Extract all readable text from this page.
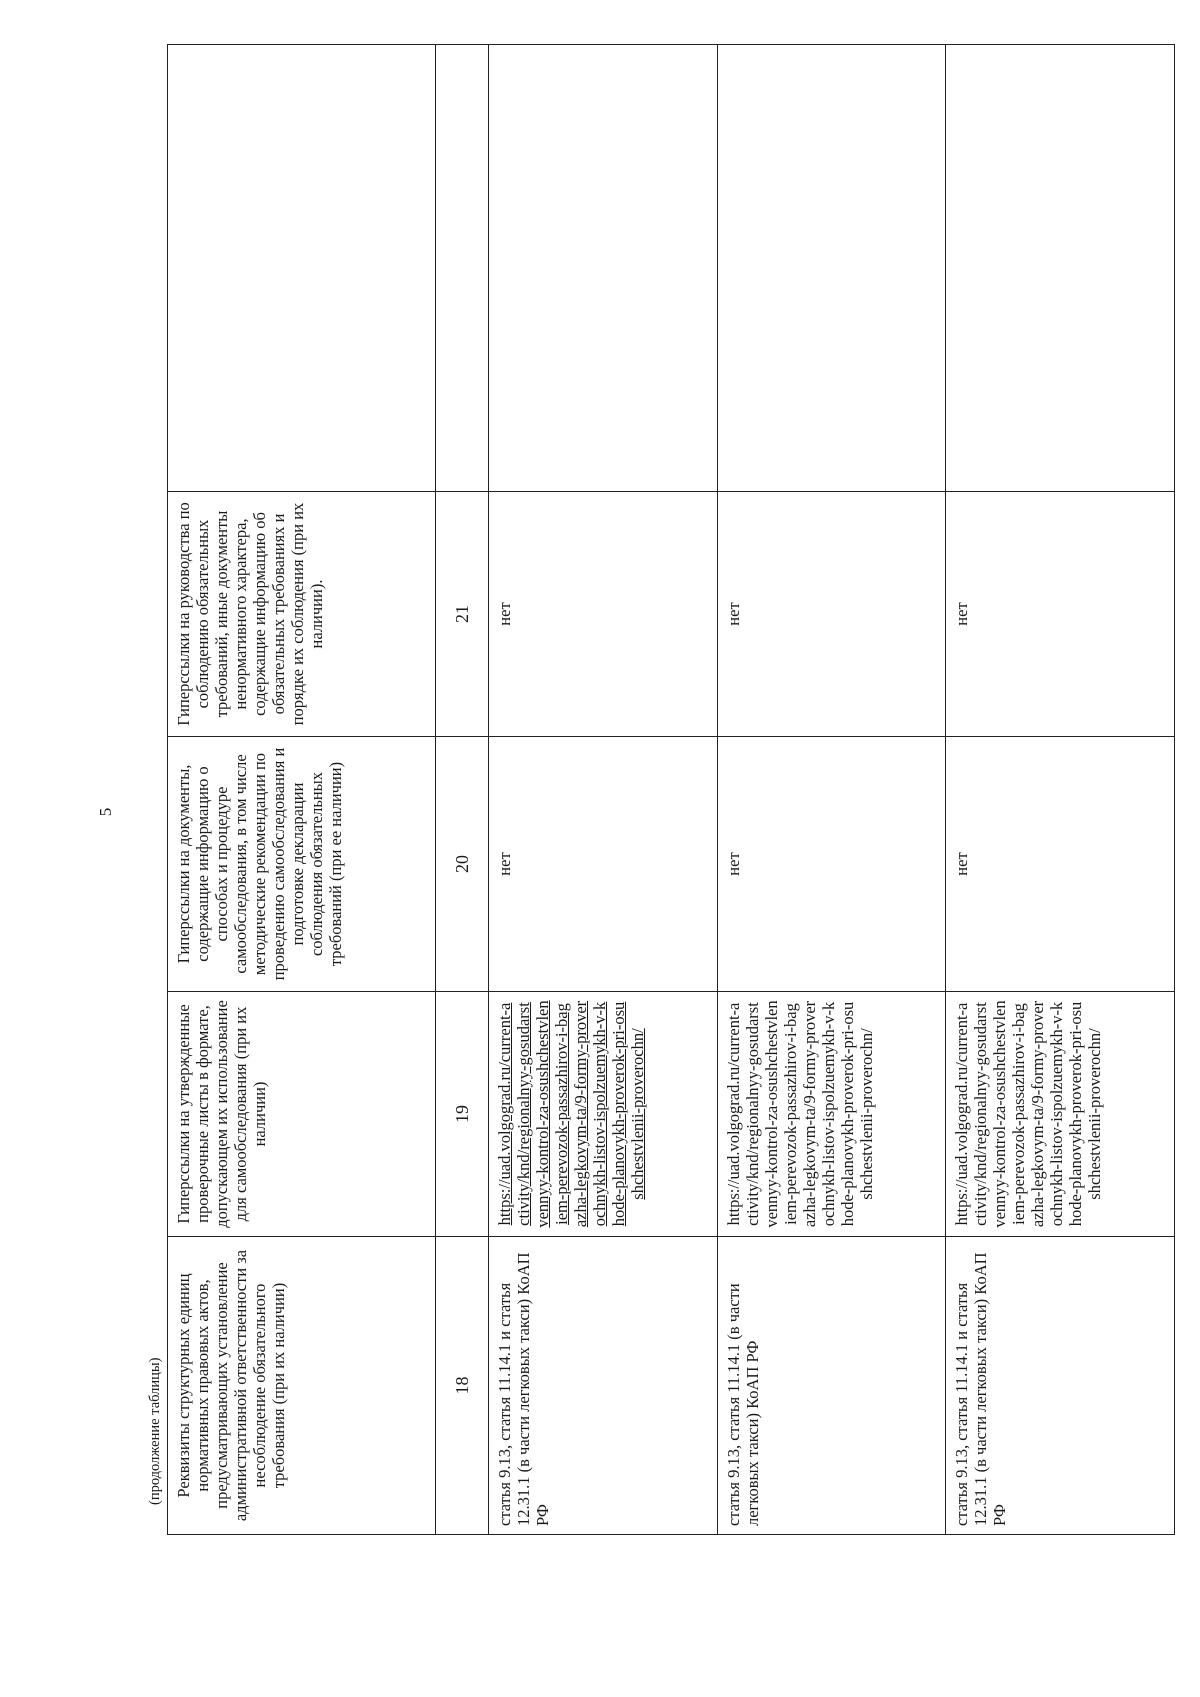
5
(продолжение таблицы) Реквизиты структурных единиц нормативных правовых актов, предусматривающих установление административной ответственности за несоблюдение обязательного требования (при их наличии)	Гиперссылки на утвержденные проверочные листы в формате, допускающем их использование для самообследования (при их наличии)	Гиперссылки на документы, содержащие информацию о способах и процедуре самообследования, в том числе методические рекомендации по проведению самообследования и подготовке декларации соблюдения обязательных требований (при ее наличии)	Гиперссылки на руководства по соблюдению обязательных требований, иные документы ненормативного характера, содержащие информацию об обязательных требованиях и порядке их соблюдения (при их наличии).	
18	19	20	21	
статья 9.13, статья 11.14.1 и статья 12.31.1 (в части легковых такси) КоАП РФ	https://uad.volgograd.ru/current-activity/knd/regionalnyy-gosudarstvennyy-kontrol-za-osushchestvleniem-perevozok-passazhirov-i-bagazha-legkovym-ta/9-formy-proverochnykh-listov-ispolzuemykh-v-khode-planovykh-proverok-pri-osushchestvlenii-proverochn/	нет	нет	
статья 9.13, статья 11.14.1 (в части легковых такси) КоАП РФ	https://uad.volgograd.ru/current-activity/knd/regionalnyy-gosudarstvennyy-kontrol-za-osushchestvleniem-perevozok-passazhirov-i-bagazha-legkovym-ta/9-formy-proverochnykh-listov-ispolzuemykh-v-khode-planovykh-proverok-pri-osushchestvlenii-proverochn/	нет	нет	
статья 9.13, статья 11.14.1 и статья 12.31.1 (в части легковых такси) КоАП РФ	https://uad.volgograd.ru/current-activity/knd/regionalnyy-gosudarstvennyy-kontrol-za-osushchestvleniem-perevozok-passazhirov-i-bagazha-legkovym-ta/9-formy-proverochnykh-listov-ispolzuemykh-v-khode-planovykh-proverok-pri-osushchestvlenii-proverochn/	нет	нет	
